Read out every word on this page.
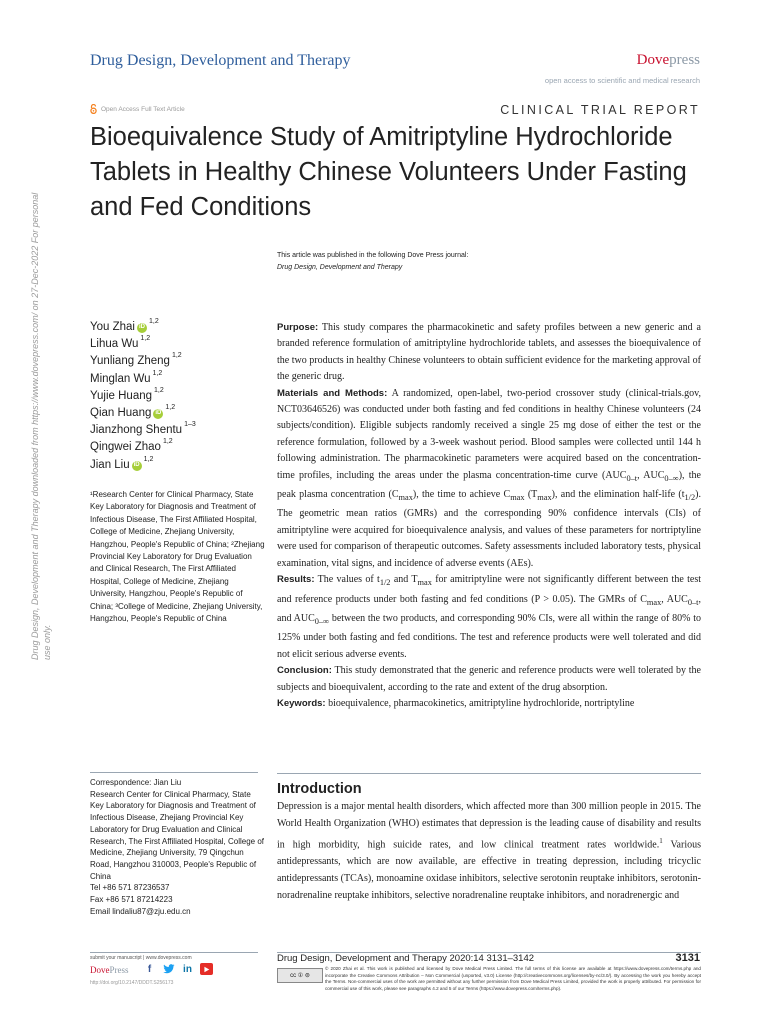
Drug Design, Development and Therapy	Dovepress
open access to scientific and medical research
Open Access Full Text Article	CLINICAL TRIAL REPORT
Bioequivalence Study of Amitriptyline Hydrochloride Tablets in Healthy Chinese Volunteers Under Fasting and Fed Conditions
Drug Design, Development and Therapy downloaded from https://www.dovepress.com/ on 27-Dec-2022 For personal use only.
This article was published in the following Dove Press journal:
Drug Design, Development and Therapy
You Zhai iD
$^{1,2}$
Lihua Wu $^{1,2}$
Yunliang Zheng $^{1,2}$
Minglan Wu $^{1,2}$
Yujie Huang $^{1,2}$
Qian Huang iD
$^{1,2}$
Jianzhong Shentu $^{1-3}$
Qingwei Zhao $^{1,2}$
Jian Liu iD
$^{1,2}$
¹Research Center for Clinical Pharmacy, State Key Laboratory for Diagnosis and Treatment of Infectious Disease, The First Affiliated Hospital, College of Medicine, Zhejiang University, Hangzhou, People's Republic of China; ²Zhejiang Provincial Key Laboratory for Drug Evaluation and Clinical Research, The First Affiliated Hospital, College of Medicine, Zhejiang University, Hangzhou, People's Republic of China; ³College of Medicine, Zhejiang University, Hangzhou, People's Republic of China

Purpose: This study compares the pharmacokinetic and safety profiles between a new generic and a branded reference formulation of amitriptyline hydrochloride tablets, and assesses the bioequivalence of the two products in healthy Chinese volunteers to obtain sufficient evidence for the marketing approval of the generic drug.

Materials and Methods: A randomized, open-label, two-period crossover study (clinical-trials.gov, NCT03646526) was conducted under both fasting and fed conditions in healthy Chinese volunteers (24 subjects/condition). Eligible subjects randomly received a single 25 mg dose of either the test or the reference formulation, followed by a 3-week washout period. Blood samples were collected until 144 h following administration. The pharmacokinetic parameters were acquired based on the concentration-time profiles, including the areas under the plasma concentration-time curve ($AUC_{0-t}$, $AUC_{0-\infty}$), the peak plasma concentration $(C_{max})$, the time to achieve $C_{max}$ $(T_{max})$, and the elimination half-life $(t_{1/2})$. The geometric mean ratios (GMRs) and the corresponding 90% confidence intervals (CIs) of amitriptyline were acquired for bioequivalence analysis, and values of these parameters for nortriptyline were used for comparison of therapeutic outcomes. Safety assessments included laboratory tests, physical examination, vital signs, and incidence of adverse events (AEs).

Results: The values of $t_{1/2}$ and $T_{max}$ for amitriptyline were not significantly different between the test and reference products under both fasting and fed conditions (P > 0.05). The GMRs of $C_{max}$, $AUC_{0-t}$, and $AUC_{0-\infty}$ between the two products, and corresponding 90% CIs, were all within the range of 80% to 125% under both fasting and fed conditions. The test and reference products were well tolerated and did not elicit serious adverse events.

Conclusion: This study demonstrated that the generic and reference products were well tolerated by the subjects and bioequivalent, according to the rate and extent of the drug absorption.

Keywords: bioequivalence, pharmacokinetics, amitriptyline hydrochloride, nortriptyline

Correspondence: Jian Liu
Research Center for Clinical Pharmacy, State Key Laboratory for Diagnosis and Treatment of Infectious Disease, Zhejiang Provincial Key Laboratory for Drug Evaluation and Clinical Research, The First Affiliated Hospital, College of Medicine, Zhejiang University, 79 Qingchun Road, Hangzhou 310003, People's Republic of China
Tel +86 571 87236537
Fax +86 571 87214223
Email lindaliu87@zju.edu.cn
Introduction

Depression is a major mental health disorders, which affected more than 300 million people in 2015. The World Health Organization (WHO) estimates that depression is the leading cause of disability and results in high morbidity, high suicide rates, and low clinical treatment rates worldwide.$^1$ Various antidepressants, which are now available, are effective in treating depression, including tricyclic antidepressants (TCAs), monoamine oxidase inhibitors, selective serotonin reuptake inhibitors, serotonin-noradrenaline reuptake inhibitors, selective noradrenaline reuptake inhibitors, and noradrenergic and

submit your manuscript | www.dovepress.com
DovePress	f	in
http://doi.org/10.2147/DDDT.S256173
Drug Design, Development and Therapy 2020:14 3131–3142	3131
cc ① ⊜
© 2020 Zhai et al. This work is published and licensed by Dove Medical Press Limited. The full terms of this license are available at https://www.dovepress.com/terms.php and incorporate the Creative Commons Attribution – Non Commercial (unported, v3.0) License (http://creativecommons.org/licenses/by-nc/3.0/). By accessing the work you hereby accept the Terms. Non-commercial uses of the work are permitted without any further permission from Dove Medical Press Limited, provided the work is properly attributed. For permission for commercial use of this work, please see paragraphs 4.2 and 5 of our Terms (https://www.dovepress.com/terms.php).
